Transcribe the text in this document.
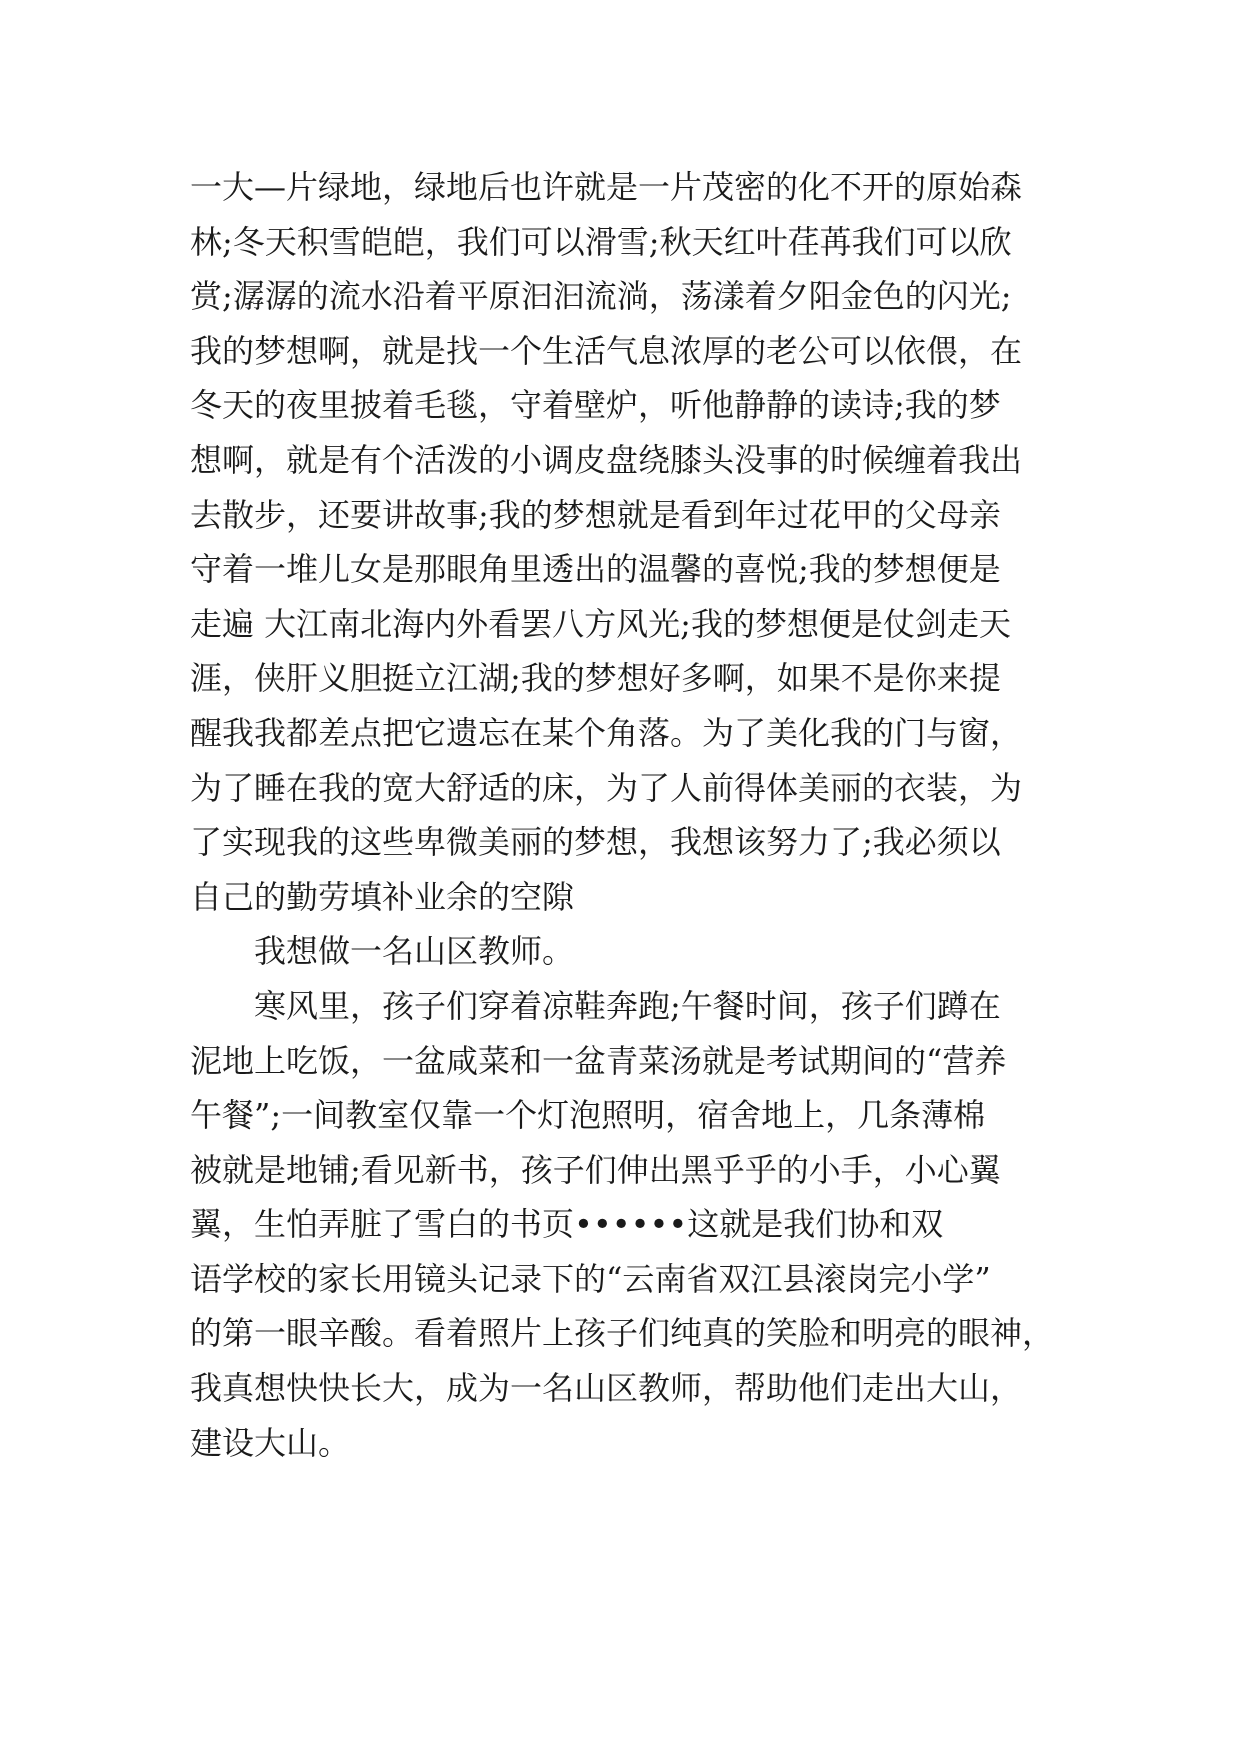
一大—片绿地，绿地后也许就是一片茂密的化不开的原始森
林;冬天积雪皑皑，我们可以滑雪;秋天红叶荏苒我们可以欣
赏;潺潺的流水沿着平原汩汩流淌，荡漾着夕阳金色的闪光;
我的梦想啊，就是找一个生活气息浓厚的老公可以依偎，在
冬天的夜里披着毛毯，守着壁炉，听他静静的读诗;我的梦
想啊，就是有个活泼的小调皮盘绕膝头没事的时候缠着我出
去散步，还要讲故事;我的梦想就是看到年过花甲的父母亲
守着一堆儿女是那眼角里透出的温馨的喜悦;我的梦想便是
走遍 大江南北海内外看罢八方风光;我的梦想便是仗剑走天
涯，侠肝义胆挺立江湖;我的梦想好多啊，如果不是你来提
醒我我都差点把它遗忘在某个角落。为了美化我的门与窗，
为了睡在我的宽大舒适的床，为了人前得体美丽的衣装，为
了实现我的这些卑微美丽的梦想，我想该努力了;我必须以
自己的勤劳填补业余的空隙
我想做一名山区教师。
寒风里，孩子们穿着凉鞋奔跑;午餐时间，孩子们蹲在
泥地上吃饭，一盆咸菜和一盆青菜汤就是考试期间的“营养
午餐”;一间教室仅靠一个灯泡照明，宿舍地上，几条薄棉
被就是地铺;看见新书，孩子们伸出黑乎乎的小手，小心翼
翼，生怕弄脏了雪白的书页••••••这就是我们协和双
语学校的家长用镜头记录下的“云南省双江县滚岗完小学”
的第一眼辛酸。看着照片上孩子们纯真的笑脸和明亮的眼神，
我真想快快长大，成为一名山区教师，帮助他们走出大山，
建设大山。
